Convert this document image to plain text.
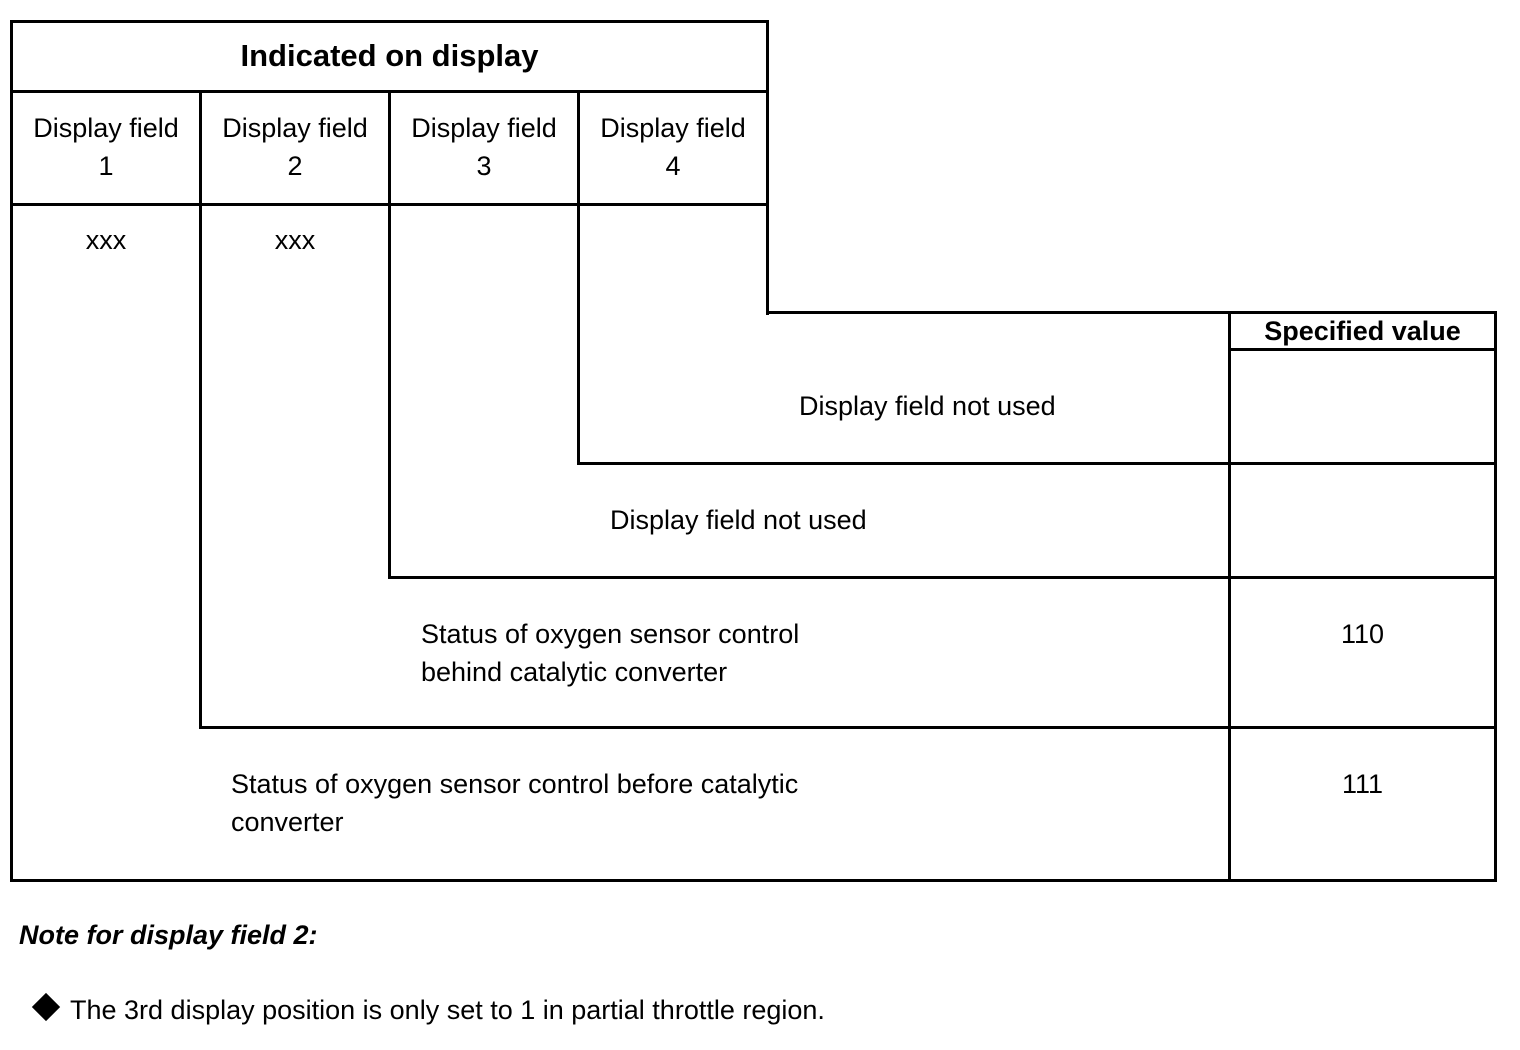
Indicated on display
Display field
1
Display field
2
Display field
3
Display field
4
xxx	xxx
Specified value
Display field not used
Display field not used
Status of oxygen sensor control
behind catalytic converter
110
Status of oxygen sensor control before catalytic
converter
111
Note for display field 2:
The 3rd display position is only set to 1 in partial throttle region.
